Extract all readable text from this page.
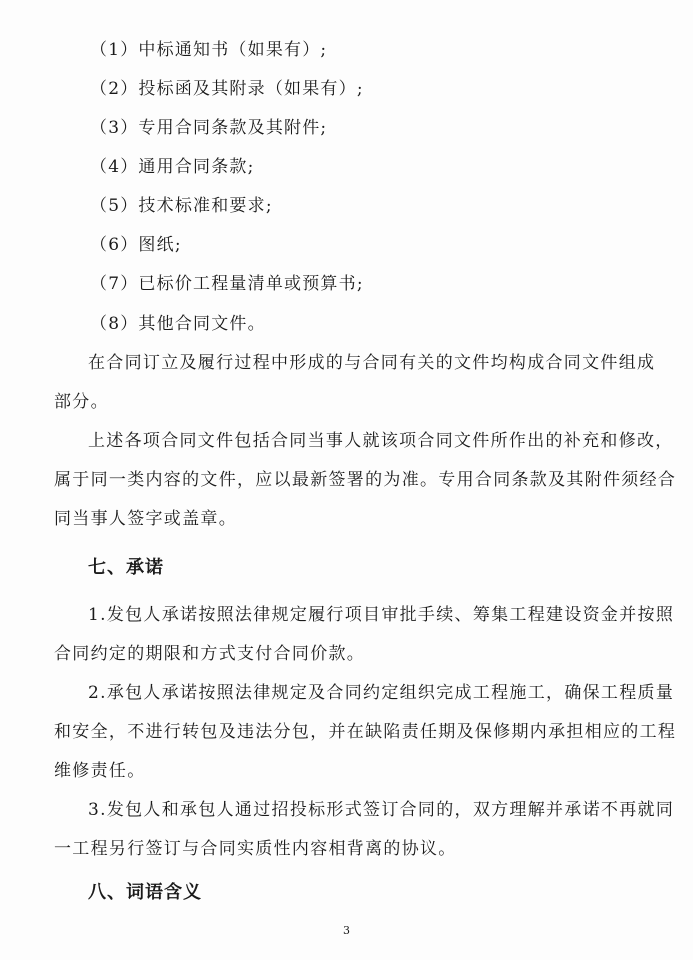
（1）中标通知书（如果有）;
（2）投标函及其附录（如果有）;
（3）专用合同条款及其附件;
（4）通用合同条款;
（5）技术标准和要求;
（6）图纸;
（7）已标价工程量清单或预算书;
（8）其他合同文件。
在合同订立及履行过程中形成的与合同有关的文件均构成合同文件组成
部分。
上述各项合同文件包括合同当事人就该项合同文件所作出的补充和修改，
属于同一类内容的文件，应以最新签署的为准。专用合同条款及其附件须经合
同当事人签字或盖章。
七、承诺
1.发包人承诺按照法律规定履行项目审批手续、筹集工程建设资金并按照
合同约定的期限和方式支付合同价款。
2.承包人承诺按照法律规定及合同约定组织完成工程施工，确保工程质量
和安全，不进行转包及违法分包，并在缺陷责任期及保修期内承担相应的工程
维修责任。
3.发包人和承包人通过招投标形式签订合同的，双方理解并承诺不再就同
一工程另行签订与合同实质性内容相背离的协议。
八、词语含义
3
